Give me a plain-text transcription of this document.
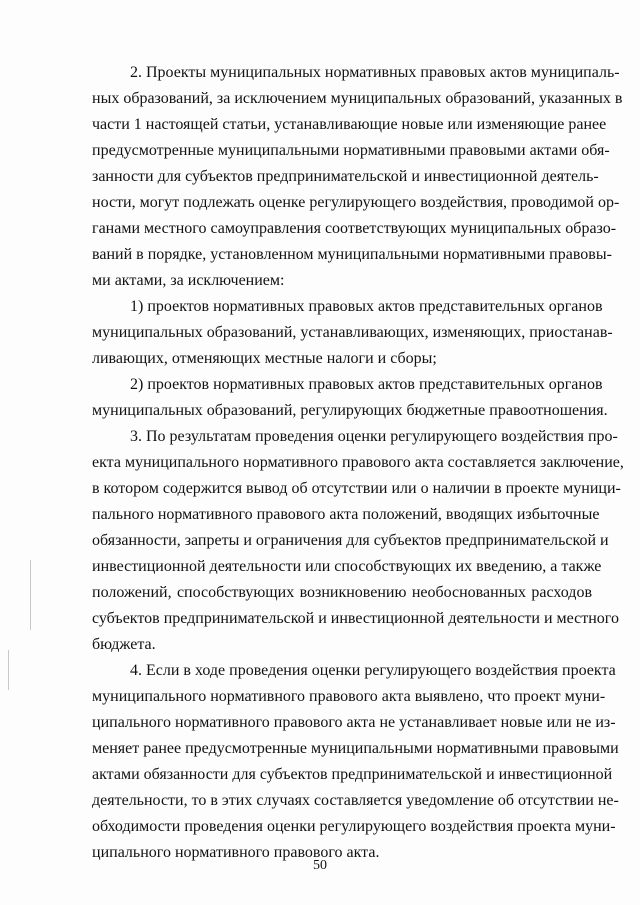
2. Проекты муниципальных нормативных правовых актов муниципаль-
ных образований, за исключением муниципальных образований, указанных в
части 1 настоящей статьи, устанавливающие новые или изменяющие ранее
предусмотренные муниципальными нормативными правовыми актами обя-
занности для субъектов предпринимательской и инвестиционной деятель-
ности, могут подлежать оценке регулирующего воздействия, проводимой ор-
ганами местного самоуправления соответствующих муниципальных образо-
ваний в порядке, установленном муниципальными нормативными правовы-
ми актами, за исключением:
1) проектов нормативных правовых актов представительных органов
муниципальных образований, устанавливающих, изменяющих, приостанав-
ливающих, отменяющих местные налоги и сборы;
2) проектов нормативных правовых актов представительных органов
муниципальных образований, регулирующих бюджетные правоотношения.
3. По результатам проведения оценки регулирующего воздействия про-
екта муниципального нормативного правового акта составляется заключение,
в котором содержится вывод об отсутствии или о наличии в проекте муници-
пального нормативного правового акта положений, вводящих избыточные
обязанности, запреты и ограничения для субъектов предпринимательской и
инвестиционной деятельности или способствующих их введению, а также
положений, способствующих возникновению необоснованных расходов
субъектов предпринимательской и инвестиционной деятельности и местного
бюджета.
4. Если в ходе проведения оценки регулирующего воздействия проекта
муниципального нормативного правового акта выявлено, что проект муни-
ципального нормативного правового акта не устанавливает новые или не из-
меняет ранее предусмотренные муниципальными нормативными правовыми
актами обязанности для субъектов предпринимательской и инвестиционной
деятельности, то в этих случаях составляется уведомление об отсутствии не-
обходимости проведения оценки регулирующего воздействия проекта муни-
ципального нормативного правового акта.
50
